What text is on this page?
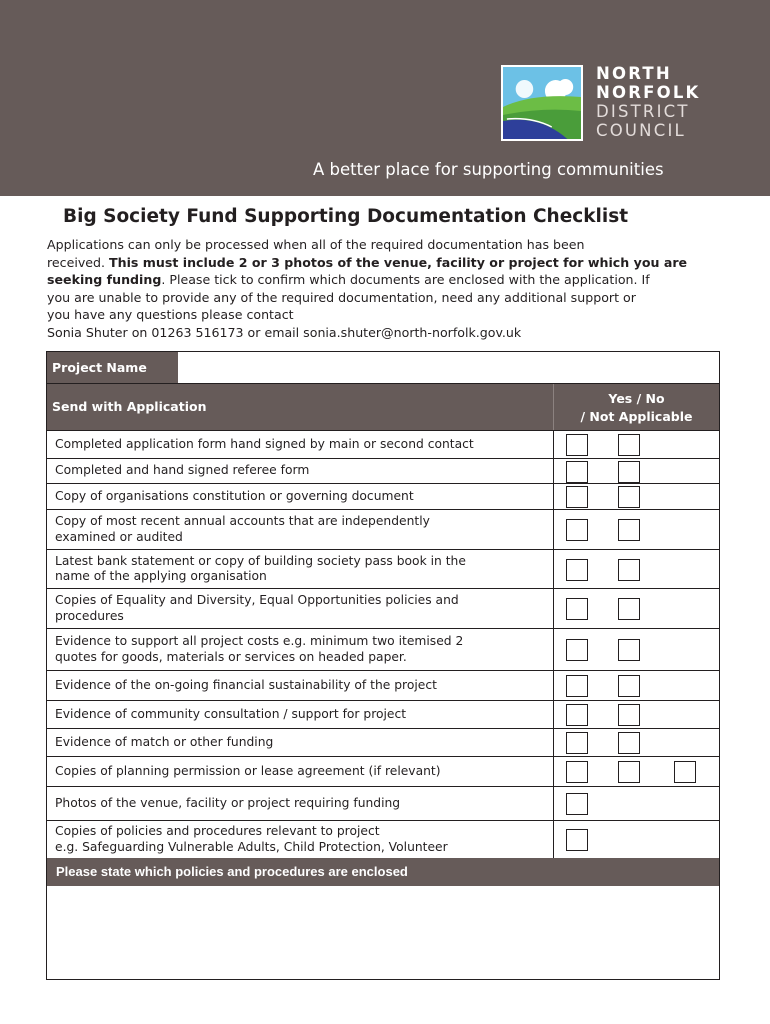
NORTH
NORFOLK
DISTRICT
COUNCIL
A better place for supporting communities
Big Society Fund Supporting Documentation Checklist

Applications can only be processed when all of the required documentation has been

received. This must include 2 or 3 photos of the venue, facility or project for which you are

seeking funding. Please tick to confirm which documents are enclosed with the application. If

you are unable to provide any of the required documentation, need any additional support or

you have any questions please contact

Sonia Shuter on 01263 516173 or email sonia.shuter@north-norfolk.gov.uk

Project Name
Send with Application
Yes / No
/ Not Applicable
Completed application form hand signed by main or second contact
Completed and hand signed referee form
Copy of organisations constitution or governing document
Copy of most recent annual accounts that are independently
examined or audited
Latest bank statement or copy of building society pass book in the
name of the applying organisation
Copies of Equality and Diversity, Equal Opportunities policies and
procedures
Evidence to support all project costs e.g. minimum two itemised 2
quotes for goods, materials or services on headed paper.
Evidence of the on-going financial sustainability of the project
Evidence of community consultation / support for project
Evidence of match or other funding
Copies of planning permission or lease agreement (if relevant)
Photos of the venue, facility or project requiring funding
Copies of policies and procedures relevant to project
e.g. Safeguarding Vulnerable Adults, Child Protection, Volunteer
Please state which policies and procedures are enclosed
